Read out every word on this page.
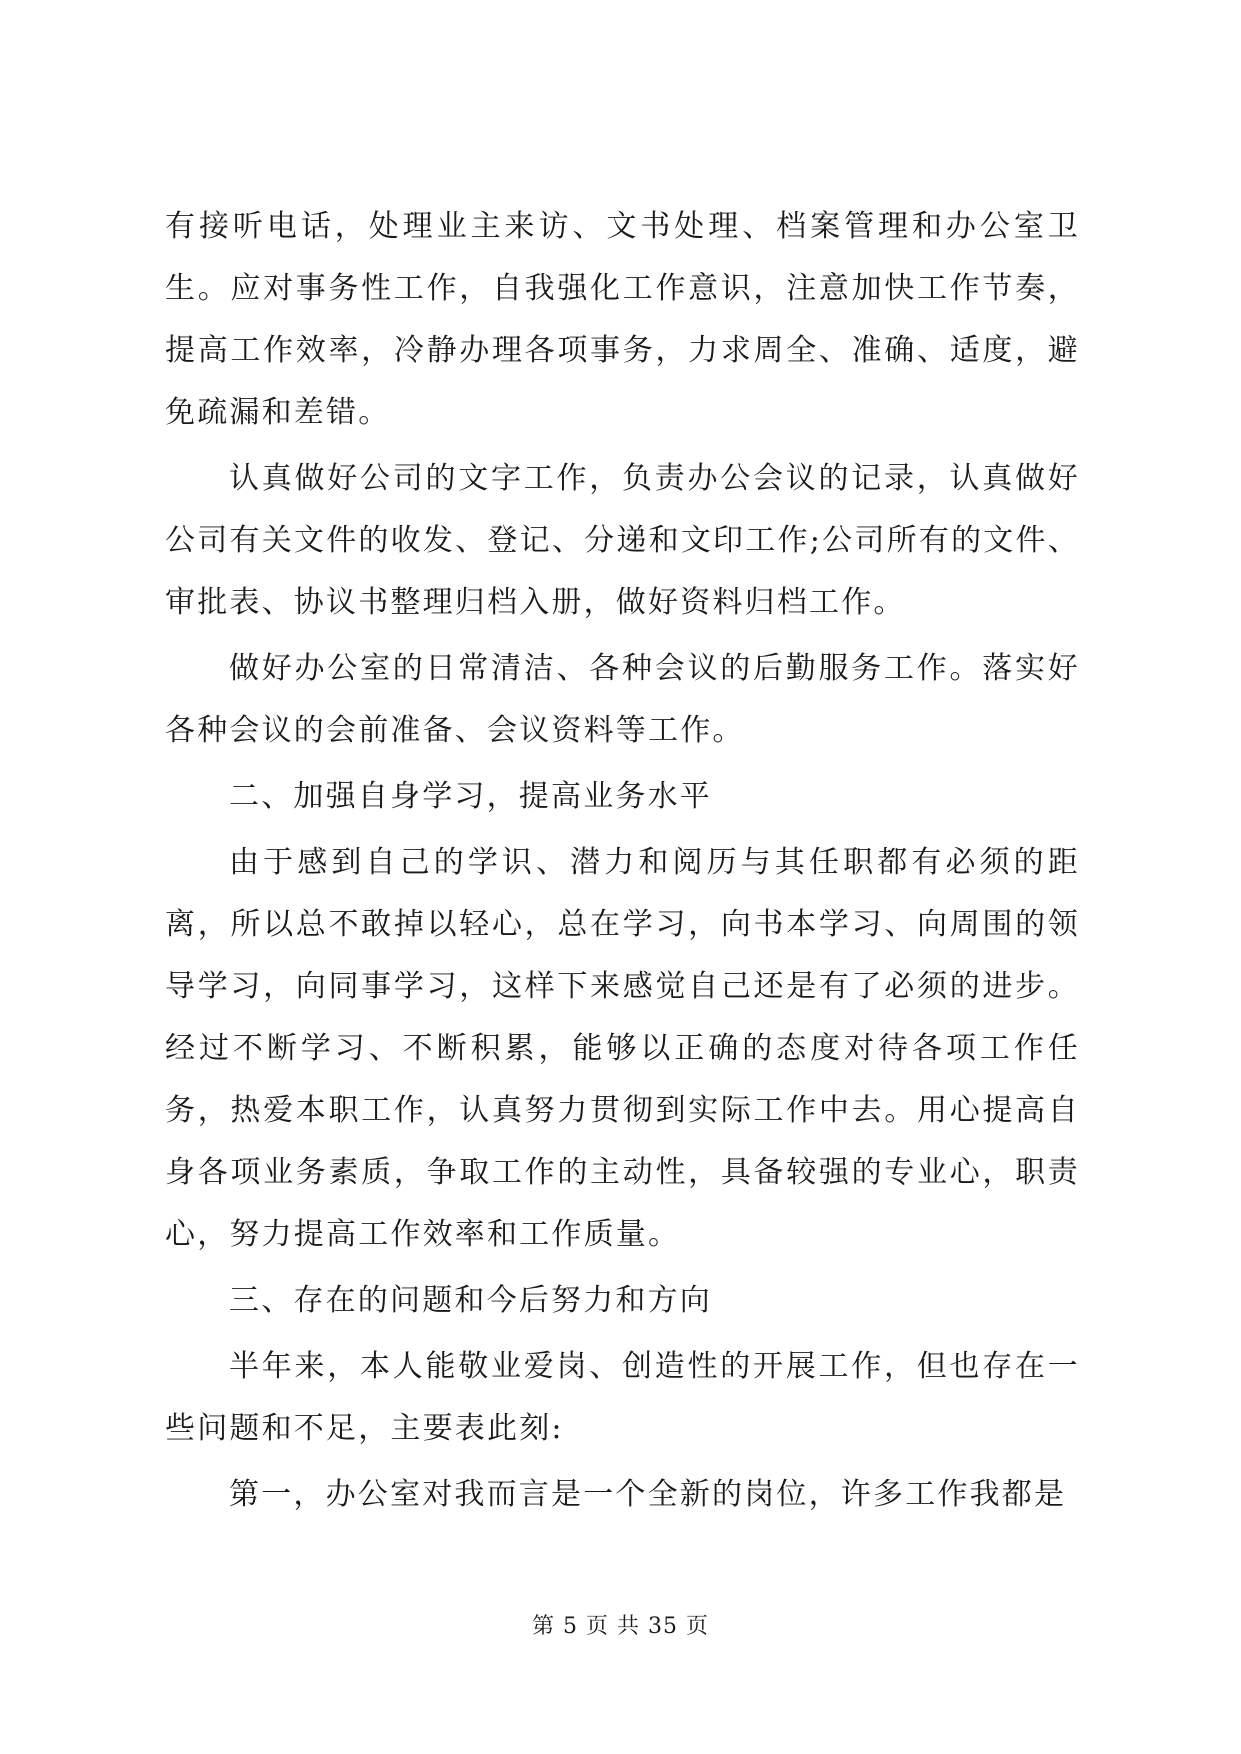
有接听电话，处理业主来访、文书处理、档案管理和办公室卫生。应对事务性工作，自我强化工作意识，注意加快工作节奏，提高工作效率，冷静办理各项事务，力求周全、准确、适度，避免疏漏和差错。

认真做好公司的文字工作，负责办公会议的记录，认真做好公司有关文件的收发、登记、分递和文印工作;公司所有的文件、审批表、协议书整理归档入册，做好资料归档工作。

做好办公室的日常清洁、各种会议的后勤服务工作。落实好各种会议的会前准备、会议资料等工作。

二、加强自身学习，提高业务水平

由于感到自己的学识、潜力和阅历与其任职都有必须的距离，所以总不敢掉以轻心，总在学习，向书本学习、向周围的领导学习，向同事学习，这样下来感觉自己还是有了必须的进步。经过不断学习、不断积累，能够以正确的态度对待各项工作任务，热爱本职工作，认真努力贯彻到实际工作中去。用心提高自身各项业务素质，争取工作的主动性，具备较强的专业心，职责心，努力提高工作效率和工作质量。

三、存在的问题和今后努力和方向

半年来，本人能敬业爱岗、创造性的开展工作，但也存在一些问题和不足，主要表此刻:

第一，办公室对我而言是一个全新的岗位，许多工作我都是

第 5 页 共 35 页
